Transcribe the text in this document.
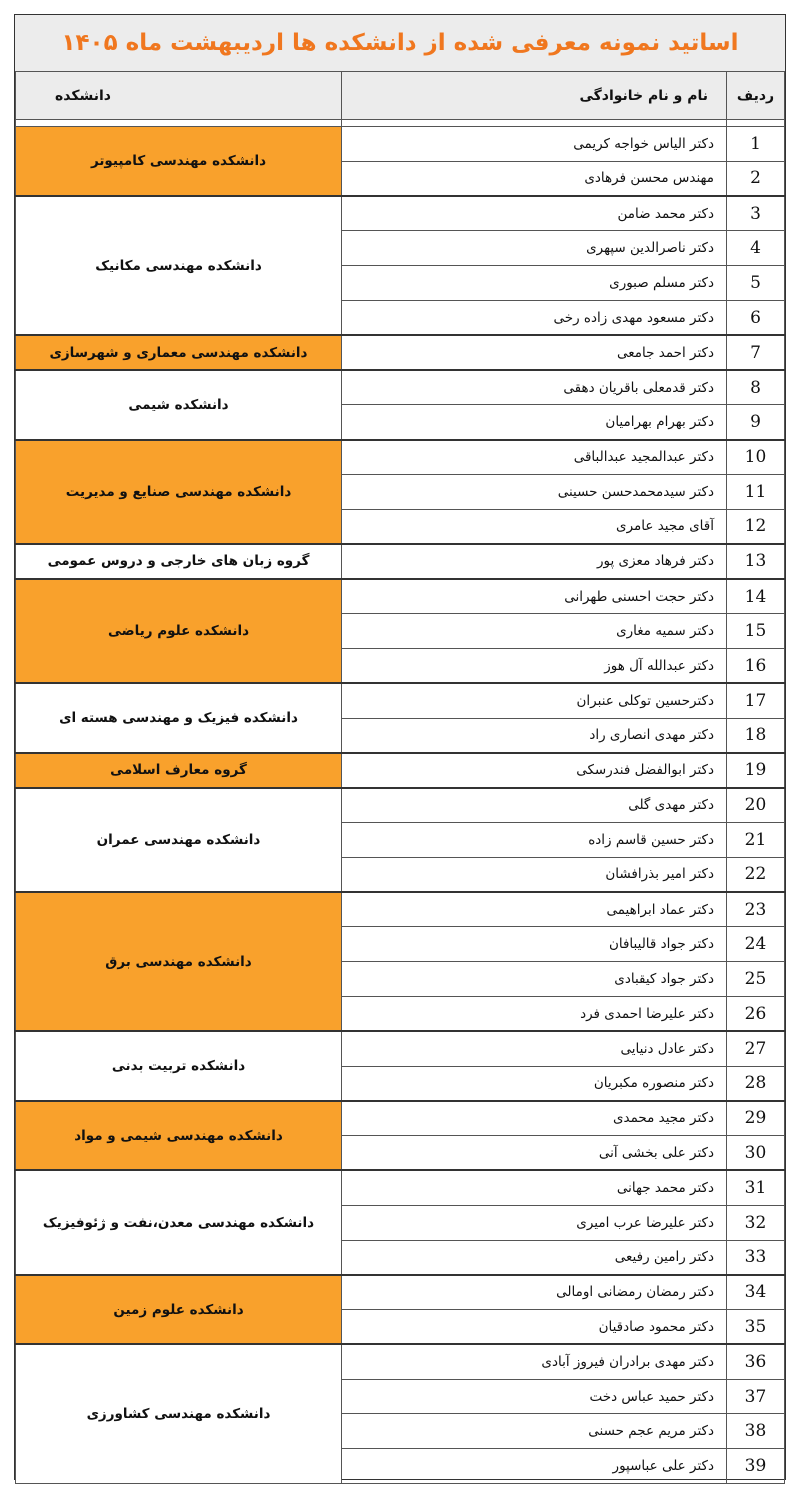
اساتید نمونه معرفی شده از دانشکده ها اردیبهشت ماه ۱۴۰۵
ردیف	نام و نام خانوادگی	دانشکده

1	دکتر الیاس خواجه کریمی	دانشکده مهندسی کامپیوتر
2	مهندس محسن فرهادی	
3	دکتر محمد ضامن	دانشکده مهندسی مکانیک
4	دکتر ناصرالدین سپهری	
5	دکتر مسلم صبوری	
6	دکتر مسعود مهدی زاده رخی	
7	دکتر احمد جامعی	دانشکده مهندسی معماری و شهرسازی
8	دکتر قدمعلی باقریان دهقی	دانشکده شیمی
9	دکتر بهرام بهرامیان	
10	دکتر عبدالمجید عبدالباقی	دانشکده مهندسی صنایع و مدیریت
11	دکتر سیدمحمدحسن حسینی	
12	آقای مجید عامری	
13	دکتر فرهاد معزی پور	گروه زبان های خارجی و دروس عمومی
14	دکتر حجت احسنی طهرانی	دانشکده علوم ریاضی
15	دکتر سمیه مغاری	
16	دکتر عبدالله آل هوز	
17	دکترحسین توکلی عنبران	دانشکده فیزیک و مهندسی هسته ای
18	دکتر مهدی انصاری راد	
19	دکتر ابوالفضل فندرسکی	گروه معارف اسلامی
20	دکتر مهدی گلی	دانشکده مهندسی عمران
21	دکتر حسین قاسم زاده	
22	دکتر امیر بذرافشان	
23	دکتر عماد ابراهیمی	دانشکده مهندسی برق
24	دکتر جواد قالیبافان	
25	دکتر جواد کیقبادی	
26	دکتر علیرضا احمدی فرد	
27	دکتر عادل دنیایی	دانشکده تربیت بدنی
28	دکتر منصوره مکبریان	
29	دکتر مجید محمدی	دانشکده مهندسی شیمی و مواد
30	دکتر علی بخشی آنی	
31	دکتر محمد جهانی	دانشکده مهندسی معدن،نفت و ژئوفیزیک
32	دکتر علیرضا عرب امیری	
33	دکتر رامین رفیعی	
34	دکتر رمضان رمضانی اومالی	دانشکده علوم زمین
35	دکتر محمود صادقیان	
36	دکتر مهدی برادران فیروز آبادی	دانشکده مهندسی کشاورزی
37	دکتر حمید عباس دخت	
38	دکتر مریم عجم حسنی	
39	دکتر علی عباسپور	
